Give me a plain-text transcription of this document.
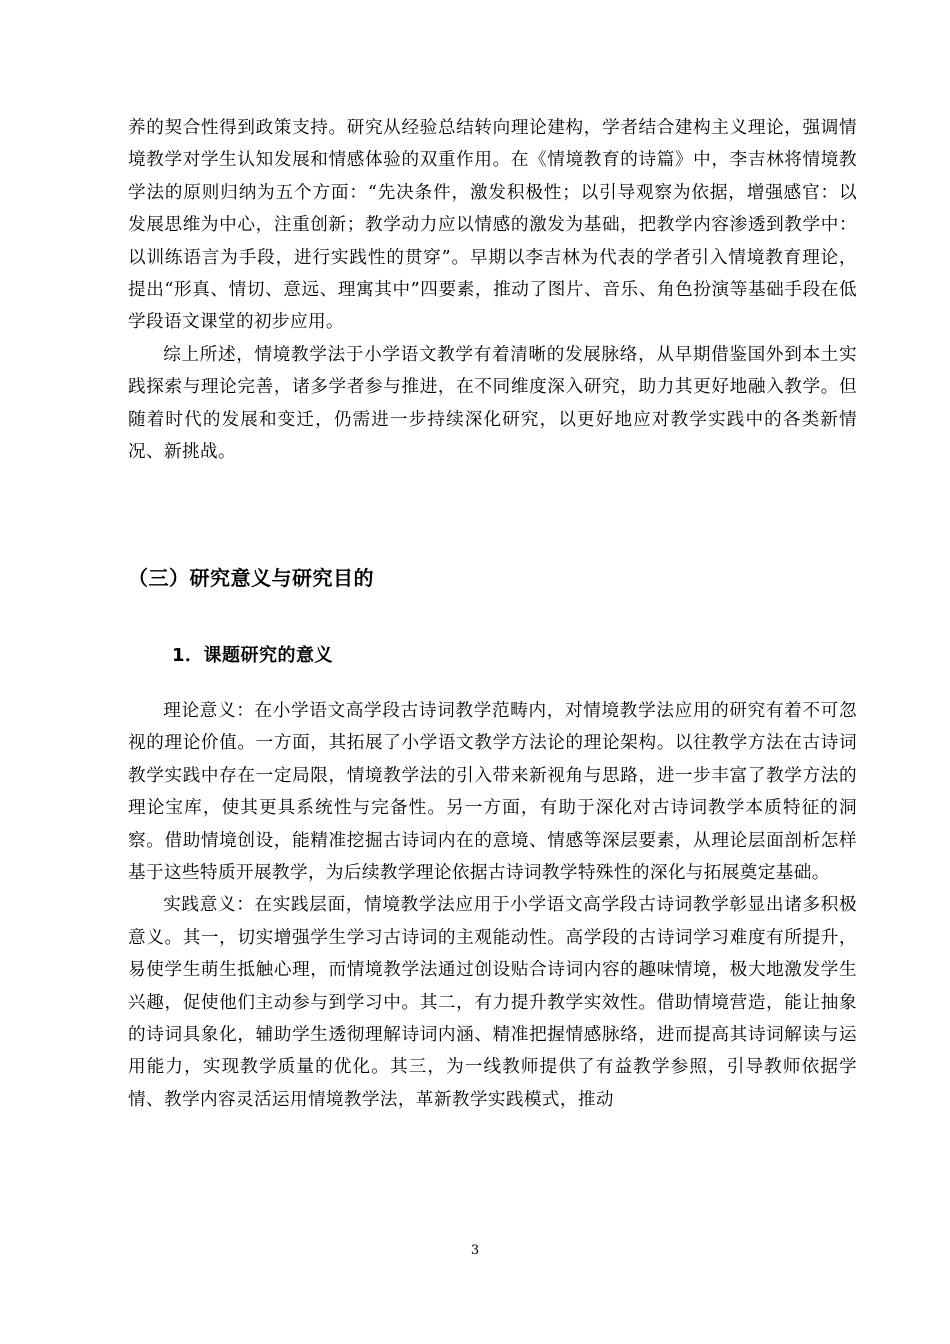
养的契合性得到政策支持。研究从经验总结转向理论建构，学者结合建构主义理论，强调情境教学对学生认知发展和情感体验的双重作用。在《情境教育的诗篇》中，李吉林将情境教学法的原则归纳为五个方面：“先决条件，激发积极性；以引导观察为依据，增强感官：以发展思维为中心，注重创新；教学动力应以情感的激发为基础，把教学内容渗透到教学中：以训练语言为手段，进行实践性的贯穿”。早期以李吉林为代表的学者引入情境教育理论，提出“形真、情切、意远、理寓其中”四要素，推动了图片、音乐、角色扮演等基础手段在低学段语文课堂的初步应用。

综上所述，情境教学法于小学语文教学有着清晰的发展脉络，从早期借鉴国外到本土实践探索与理论完善，诸多学者参与推进，在不同维度深入研究，助力其更好地融入教学。但随着时代的发展和变迁，仍需进一步持续深化研究，以更好地应对教学实践中的各类新情况、新挑战。

（三）研究意义与研究目的
1．课题研究的意义

理论意义：在小学语文高学段古诗词教学范畴内，对情境教学法应用的研究有着不可忽视的理论价值。一方面，其拓展了小学语文教学方法论的理论架构。以往教学方法在古诗词教学实践中存在一定局限，情境教学法的引入带来新视角与思路，进一步丰富了教学方法的理论宝库，使其更具系统性与完备性。另一方面，有助于深化对古诗词教学本质特征的洞察。借助情境创设，能精准挖掘古诗词内在的意境、情感等深层要素，从理论层面剖析怎样基于这些特质开展教学，为后续教学理论依据古诗词教学特殊性的深化与拓展奠定基础。

实践意义：在实践层面，情境教学法应用于小学语文高学段古诗词教学彰显出诸多积极意义。其一，切实增强学生学习古诗词的主观能动性。高学段的古诗词学习难度有所提升，易使学生萌生抵触心理，而情境教学法通过创设贴合诗词内容的趣味情境，极大地激发学生兴趣，促使他们主动参与到学习中。其二，有力提升教学实效性。借助情境营造，能让抽象的诗词具象化，辅助学生透彻理解诗词内涵、精准把握情感脉络，进而提高其诗词解读与运用能力，实现教学质量的优化。其三，为一线教师提供了有益教学参照，引导教师依据学情、教学内容灵活运用情境教学法，革新教学实践模式，推动

3
